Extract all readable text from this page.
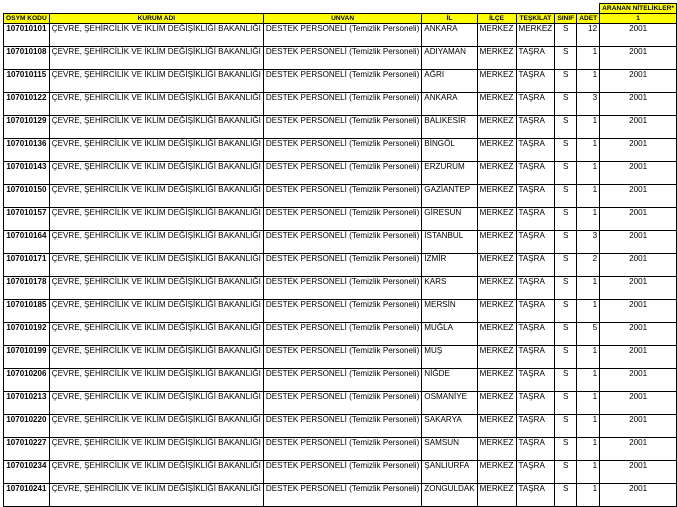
								ARANAN NİTELİKLER*
ÖSYM KODU	KURUM ADI	UNVAN	İL	İLÇE	TEŞKİLAT	SINIF	ADET	1
107010101	ÇEVRE, ŞEHİRCİLİK VE İKLİM DEĞİŞİKLİĞİ BAKANLIĞI	DESTEK PERSONELİ (Temizlik Personeli)	ANKARA	MERKEZ	MERKEZ	S	12	2001
107010108	ÇEVRE, ŞEHİRCİLİK VE İKLİM DEĞİŞİKLİĞİ BAKANLIĞI	DESTEK PERSONELİ (Temizlik Personeli)	ADIYAMAN	MERKEZ	TAŞRA	S	1	2001
107010115	ÇEVRE, ŞEHİRCİLİK VE İKLİM DEĞİŞİKLİĞİ BAKANLIĞI	DESTEK PERSONELİ (Temizlik Personeli)	AĞRI	MERKEZ	TAŞRA	S	1	2001
107010122	ÇEVRE, ŞEHİRCİLİK VE İKLİM DEĞİŞİKLİĞİ BAKANLIĞI	DESTEK PERSONELİ (Temizlik Personeli)	ANKARA	MERKEZ	TAŞRA	S	3	2001
107010129	ÇEVRE, ŞEHİRCİLİK VE İKLİM DEĞİŞİKLİĞİ BAKANLIĞI	DESTEK PERSONELİ (Temizlik Personeli)	BALIKESİR	MERKEZ	TAŞRA	S	1	2001
107010136	ÇEVRE, ŞEHİRCİLİK VE İKLİM DEĞİŞİKLİĞİ BAKANLIĞI	DESTEK PERSONELİ (Temizlik Personeli)	BİNGÖL	MERKEZ	TAŞRA	S	1	2001
107010143	ÇEVRE, ŞEHİRCİLİK VE İKLİM DEĞİŞİKLİĞİ BAKANLIĞI	DESTEK PERSONELİ (Temizlik Personeli)	ERZURUM	MERKEZ	TAŞRA	S	1	2001
107010150	ÇEVRE, ŞEHİRCİLİK VE İKLİM DEĞİŞİKLİĞİ BAKANLIĞI	DESTEK PERSONELİ (Temizlik Personeli)	GAZİANTEP	MERKEZ	TAŞRA	S	1	2001
107010157	ÇEVRE, ŞEHİRCİLİK VE İKLİM DEĞİŞİKLİĞİ BAKANLIĞI	DESTEK PERSONELİ (Temizlik Personeli)	GİRESUN	MERKEZ	TAŞRA	S	1	2001
107010164	ÇEVRE, ŞEHİRCİLİK VE İKLİM DEĞİŞİKLİĞİ BAKANLIĞI	DESTEK PERSONELİ (Temizlik Personeli)	İSTANBUL	MERKEZ	TAŞRA	S	3	2001
107010171	ÇEVRE, ŞEHİRCİLİK VE İKLİM DEĞİŞİKLİĞİ BAKANLIĞI	DESTEK PERSONELİ (Temizlik Personeli)	İZMİR	MERKEZ	TAŞRA	S	2	2001
107010178	ÇEVRE, ŞEHİRCİLİK VE İKLİM DEĞİŞİKLİĞİ BAKANLIĞI	DESTEK PERSONELİ (Temizlik Personeli)	KARS	MERKEZ	TAŞRA	S	1	2001
107010185	ÇEVRE, ŞEHİRCİLİK VE İKLİM DEĞİŞİKLİĞİ BAKANLIĞI	DESTEK PERSONELİ (Temizlik Personeli)	MERSİN	MERKEZ	TAŞRA	S	1	2001
107010192	ÇEVRE, ŞEHİRCİLİK VE İKLİM DEĞİŞİKLİĞİ BAKANLIĞI	DESTEK PERSONELİ (Temizlik Personeli)	MUĞLA	MERKEZ	TAŞRA	S	5	2001
107010199	ÇEVRE, ŞEHİRCİLİK VE İKLİM DEĞİŞİKLİĞİ BAKANLIĞI	DESTEK PERSONELİ (Temizlik Personeli)	MUŞ	MERKEZ	TAŞRA	S	1	2001
107010206	ÇEVRE, ŞEHİRCİLİK VE İKLİM DEĞİŞİKLİĞİ BAKANLIĞI	DESTEK PERSONELİ (Temizlik Personeli)	NİĞDE	MERKEZ	TAŞRA	S	1	2001
107010213	ÇEVRE, ŞEHİRCİLİK VE İKLİM DEĞİŞİKLİĞİ BAKANLIĞI	DESTEK PERSONELİ (Temizlik Personeli)	OSMANİYE	MERKEZ	TAŞRA	S	1	2001
107010220	ÇEVRE, ŞEHİRCİLİK VE İKLİM DEĞİŞİKLİĞİ BAKANLIĞI	DESTEK PERSONELİ (Temizlik Personeli)	SAKARYA	MERKEZ	TAŞRA	S	1	2001
107010227	ÇEVRE, ŞEHİRCİLİK VE İKLİM DEĞİŞİKLİĞİ BAKANLIĞI	DESTEK PERSONELİ (Temizlik Personeli)	SAMSUN	MERKEZ	TAŞRA	S	1	2001
107010234	ÇEVRE, ŞEHİRCİLİK VE İKLİM DEĞİŞİKLİĞİ BAKANLIĞI	DESTEK PERSONELİ (Temizlik Personeli)	ŞANLIURFA	MERKEZ	TAŞRA	S	1	2001
107010241	ÇEVRE, ŞEHİRCİLİK VE İKLİM DEĞİŞİKLİĞİ BAKANLIĞI	DESTEK PERSONELİ (Temizlik Personeli)	ZONGULDAK	MERKEZ	TAŞRA	S	1	2001
